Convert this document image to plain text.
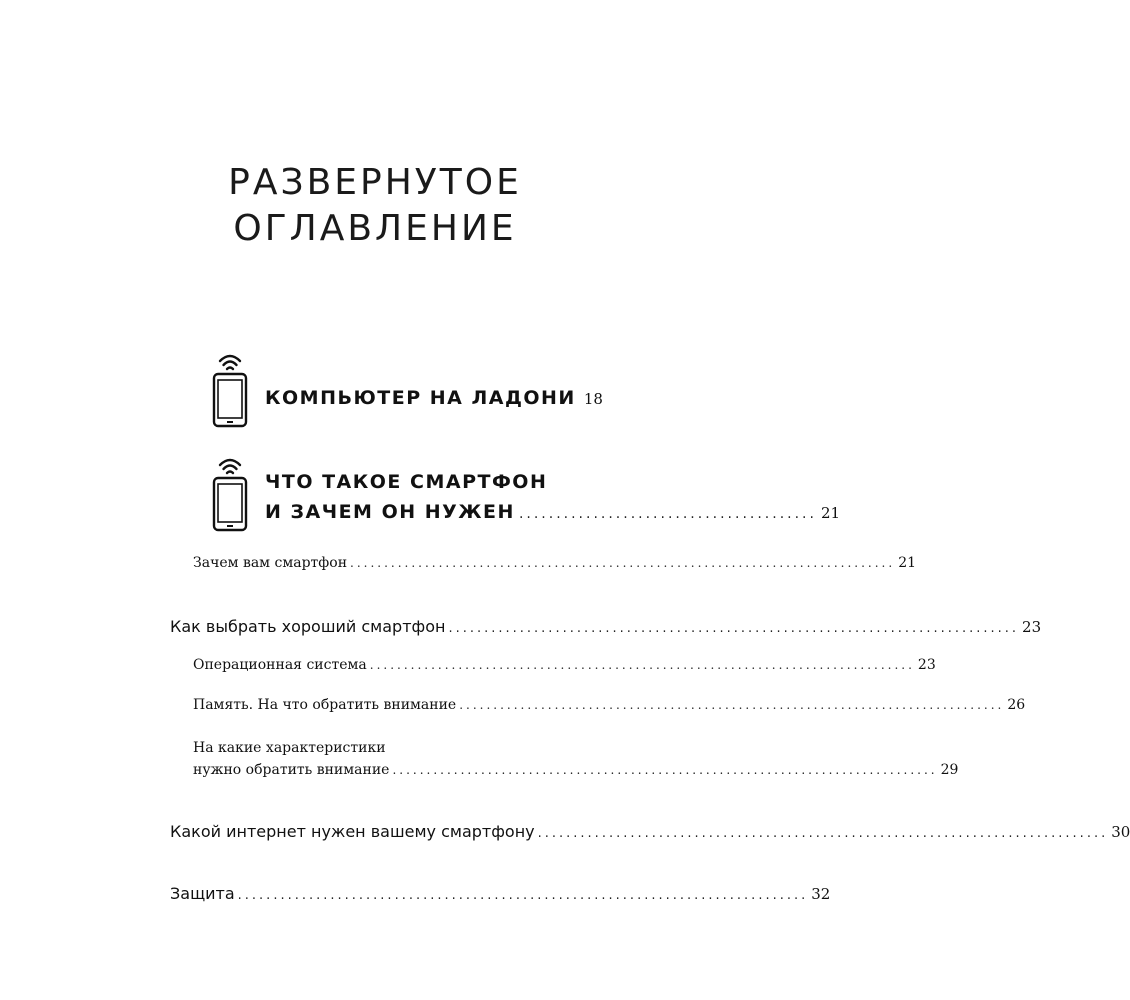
РАЗВЕРНУТОЕ
ОГЛАВЛЕНИЕ
КОМПЬЮТЕР НА ЛАДОНИ 18
ЧТО ТАКОЕ СМАРТФОН
И ЗАЧЕМ ОН НУЖЕН ........................................ 21
Зачем вам смартфон ................................................................................ 21
Как выбрать хороший смартфон ................................................................................ 23
Операционная система ................................................................................ 23
Память. На что обратить внимание ................................................................................ 26
На какие характеристики
нужно обратить внимание ................................................................................ 29
Какой интернет нужен вашему смартфону ................................................................................ 30
Защита ................................................................................ 32
